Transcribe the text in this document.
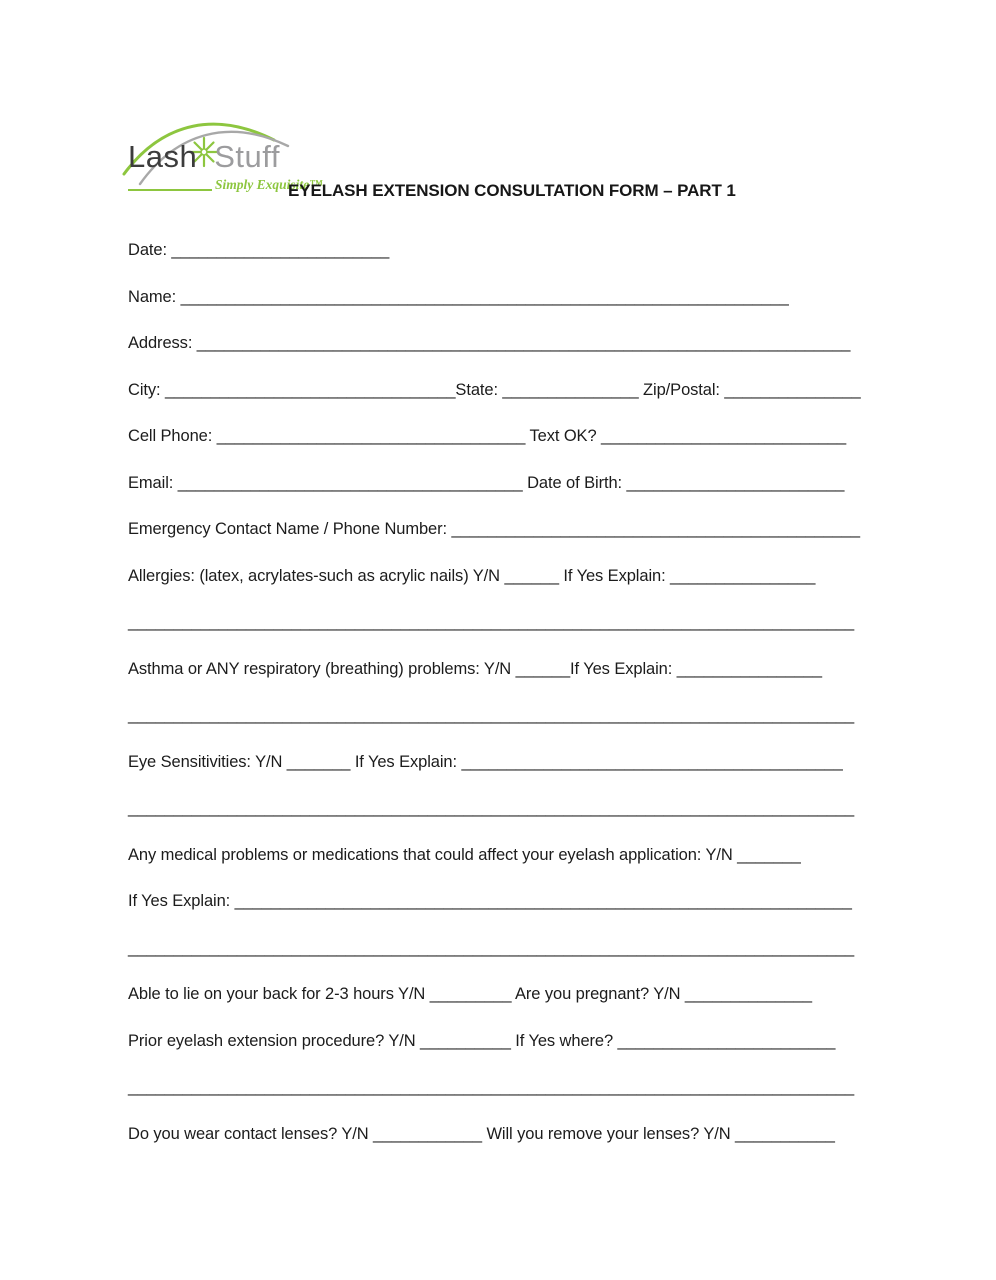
Lash Stuff
Simply Exquisite™
EYELASH EXTENSION CONSULTATION FORM – PART 1

Date: ________________________

Name: ___________________________________________________________________

Address: ________________________________________________________________________

City: ________________________________State: _______________ Zip/Postal: _______________

Cell Phone: __________________________________ Text OK? ___________________________

Email: ______________________________________ Date of Birth: ________________________

Emergency Contact Name / Phone Number: _____________________________________________

Allergies: (latex, acrylates-such as acrylic nails) Y/N ______ If Yes Explain: ________________

________________________________________________________________________________

Asthma or ANY respiratory (breathing) problems: Y/N ______If Yes Explain: ________________

________________________________________________________________________________

Eye Sensitivities: Y/N _______ If Yes Explain: __________________________________________

________________________________________________________________________________

Any medical problems or medications that could affect your eyelash application: Y/N _______

If Yes Explain: ____________________________________________________________________

________________________________________________________________________________

Able to lie on your back for 2-3 hours Y/N _________ Are you pregnant? Y/N ______________

Prior eyelash extension procedure? Y/N __________ If Yes where? ________________________

________________________________________________________________________________

Do you wear contact lenses? Y/N ____________ Will you remove your lenses? Y/N ___________
